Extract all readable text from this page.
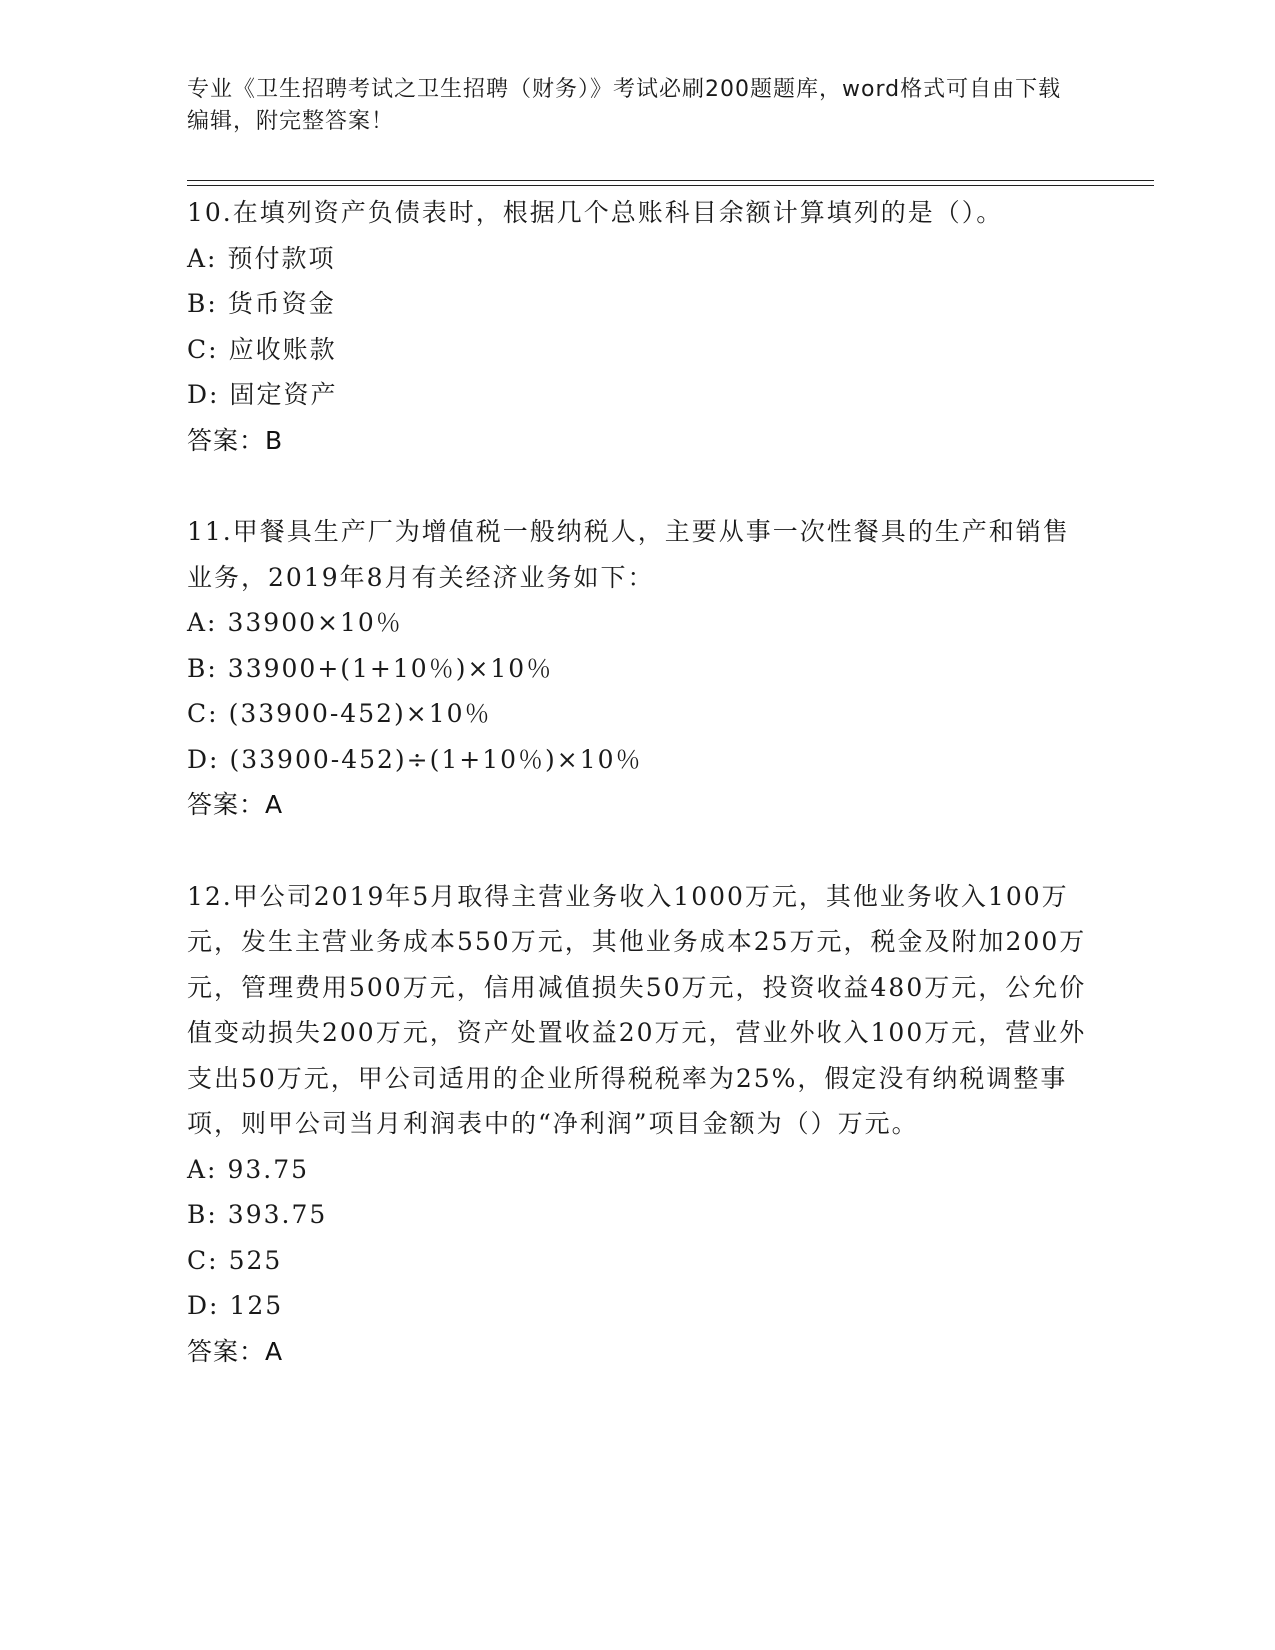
专业《卫生招聘考试之卫生招聘（财务）》考试必刷200题题库，word格式可自由下载编辑，附完整答案！

10.在填列资产负债表时，根据几个总账科目余额计算填列的是（）。

A: 预付款项

B: 货币资金

C: 应收账款

D: 固定资产

答案：B

11.甲餐具生产厂为增值税一般纳税人，主要从事一次性餐具的生产和销售业务，2019年8月有关经济业务如下：

A: 33900×10％

B: 33900+(1+10％)×10％

C: (33900-452)×10％

D: (33900-452)÷(1+10％)×10％

答案：A

12.甲公司2019年5月取得主营业务收入1000万元，其他业务收入100万元，发生主营业务成本550万元，其他业务成本25万元，税金及附加200万元，管理费用500万元，信用减值损失50万元，投资收益480万元，公允价值变动损失200万元，资产处置收益20万元，营业外收入100万元，营业外支出50万元，甲公司适用的企业所得税税率为25%，假定没有纳税调整事项，则甲公司当月利润表中的“净利润”项目金额为（）万元。

A: 93.75

B: 393.75

C: 525

D: 125

答案：A
